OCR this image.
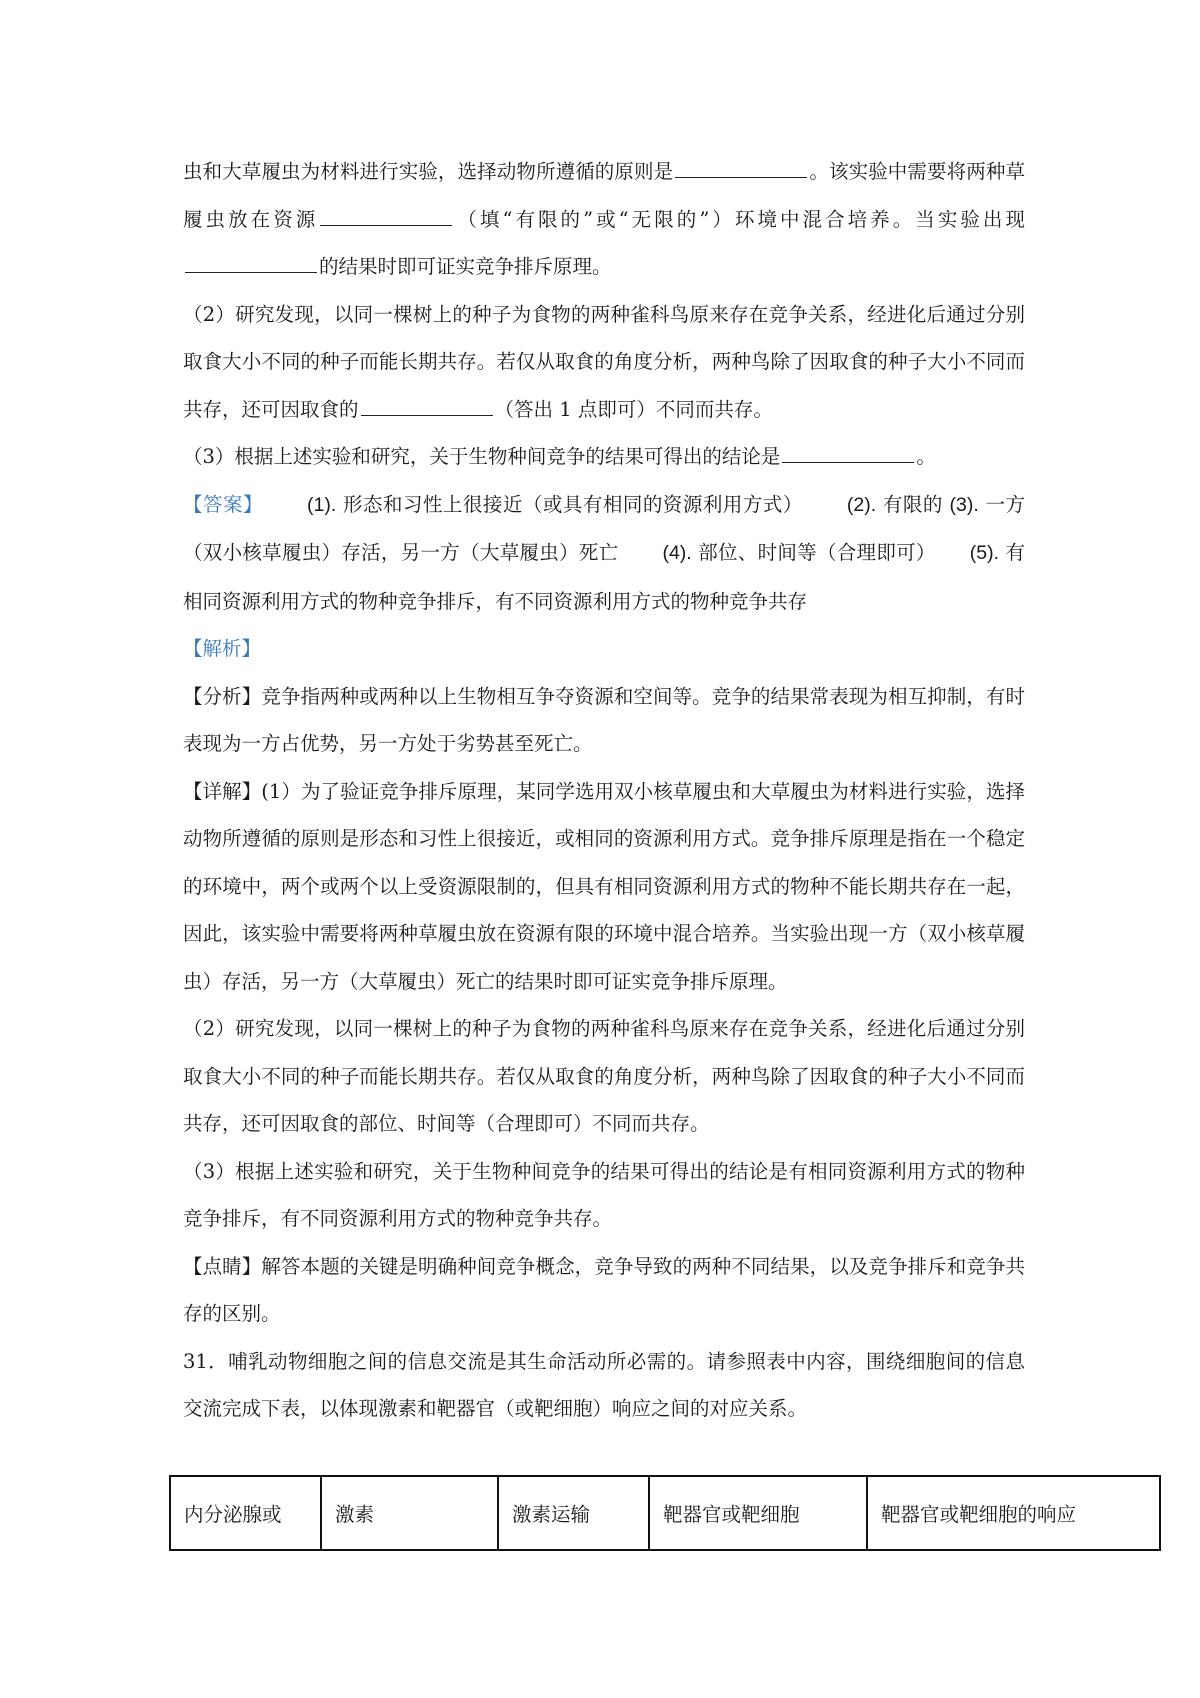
虫和大草履虫为材料进行实验，选择动物所遵循的原则是	。该实验中需要将两种草履虫放在资源	（填“有限的”或“无限的”）环境中混合培养。当实验出现的结果时即可证实竞争排斥原理。

（2）研究发现，以同一棵树上的种子为食物的两种雀科鸟原来存在竞争关系，经进化后通过分别取食大小不同的种子而能长期共存。若仅从取食的角度分析，两种鸟除了因取食的种子大小不同而共存，还可因取食的	（答出 1 点即可）不同而共存。

（3）根据上述实验和研究，关于生物种间竞争的结果可得出的结论是	。

【答案】 (1). 形态和习性上很接近（或具有相同的资源利用方式） (2). 有限的 (3). 一方（双小核草履虫）存活，另一方（大草履虫）死亡 (4). 部位、时间等（合理即可） (5). 有相同资源利用方式的物种竞争排斥，有不同资源利用方式的物种竞争共存

【解析】

【分析】竞争指两种或两种以上生物相互争夺资源和空间等。竞争的结果常表现为相互抑制，有时表现为一方占优势，另一方处于劣势甚至死亡。

【详解】(1）为了验证竞争排斥原理，某同学选用双小核草履虫和大草履虫为材料进行实验，选择动物所遵循的原则是形态和习性上很接近，或相同的资源利用方式。竞争排斥原理是指在一个稳定的环境中，两个或两个以上受资源限制的，但具有相同资源利用方式的物种不能长期共存在一起，因此，该实验中需要将两种草履虫放在资源有限的环境中混合培养。当实验出现一方（双小核草履虫）存活，另一方（大草履虫）死亡的结果时即可证实竞争排斥原理。

（2）研究发现，以同一棵树上的种子为食物的两种雀科鸟原来存在竞争关系，经进化后通过分别取食大小不同的种子而能长期共存。若仅从取食的角度分析，两种鸟除了因取食的种子大小不同而共存，还可因取食的部位、时间等（合理即可）不同而共存。

（3）根据上述实验和研究，关于生物种间竞争的结果可得出的结论是有相同资源利用方式的物种竞争排斥，有不同资源利用方式的物种竞争共存。

【点睛】解答本题的关键是明确种间竞争概念，竞争导致的两种不同结果，以及竞争排斥和竞争共存的区别。

31．哺乳动物细胞之间的信息交流是其生命活动所必需的。请参照表中内容，围绕细胞间的信息交流完成下表，以体现激素和靶器官（或靶细胞）响应之间的对应关系。

内分泌腺或	激素	激素运输	靶器官或靶细胞	靶器官或靶细胞的响应
